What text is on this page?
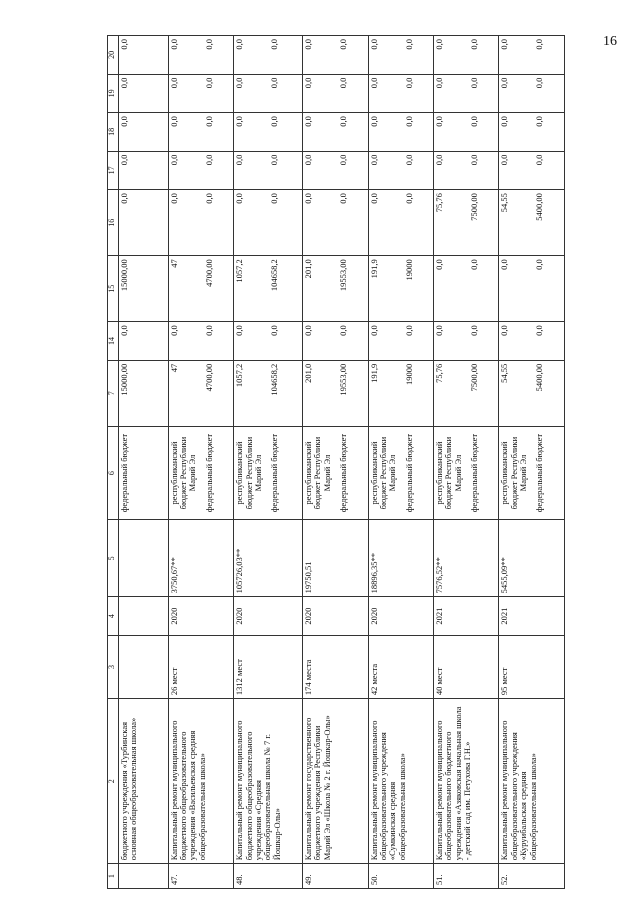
16
1	2	3	4	5	6	7	14	15	16	17	18	19	20
	бюджетного учреждения «Турбинская основная общеобразовательная школа»				федеральный бюджет	15000,00	0,0	15000,00	0,0	0,0	0,0	0,0	0,0

47.	Капитальный ремонт муниципального бюджетного общеобразовательного учреждения «Васильевская средняя общеобразовательная школа»	26 мест	2020	3750,67**	республиканский бюджет Республики Марий Эл федеральный бюджет	47 4700,00	0,0 0,0	47 4700,00	0,0 0,0	0,0 0,0	0,0 0,0	0,0 0,0	0,0 0,0

48.	Капитальный ремонт муниципального бюджетного общеобразовательного учреждения «Средняя общеобразовательная школа № 7 г. Йошкар-Олы»	1312 мест	2020	105726,03**	республиканский бюджет Республики Марий Эл федеральный бюджет	1057,2 104658,2	0,0 0,0	1057,2 104658,2	0,0 0,0	0,0 0,0	0,0 0,0	0,0 0,0	0,0 0,0

49.	Капитальный ремонт государственного бюджетного учреждения Республики Марий Эл «Школа № 2 г. Йошкар-Олы»	174 места	2020	19750,51	республиканский бюджет Республики Марий Эл федеральный бюджет	201,0 19553,00	0,0 0,0	201,0 19553,00	0,0 0,0	0,0 0,0	0,0 0,0	0,0 0,0	0,0 0,0

50.	Капитальный ремонт муниципального общеобразовательного учреждения «Сумкинская средняя общеобразовательная школа»	42 места	2020	18896,35**	республиканский бюджет Республики Марий Эл федеральный бюджет	191,9 19000	0,0 0,0	191,9 19000	0,0 0,0	0,0 0,0	0,0 0,0	0,0 0,0	0,0 0,0

51.	Капитальный ремонт муниципального общеобразовательного бюджетного учреждения «Азяковская начальная школа - детский сад им. Петухова Г.Н.»	40 мест	2021	7576,52**	республиканский бюджет Республики Марий Эл федеральный бюджет	75,76 7500,00	0,0 0,0	0,0 0,0	75,76 7500,00	0,0 0,0	0,0 0,0	0,0 0,0	0,0 0,0

52.	Капитальный ремонт муниципального общеобразовательного учреждения «Куруибальская средняя общеобразовательная школа»	95 мест	2021	5455,09**	республиканский бюджет Республики Марий Эл федеральный бюджет	54,55 5400,00	0,0 0,0	0,0 0,0	54,55 5400,00	0,0 0,0	0,0 0,0	0,0 0,0	0,0 0,0
